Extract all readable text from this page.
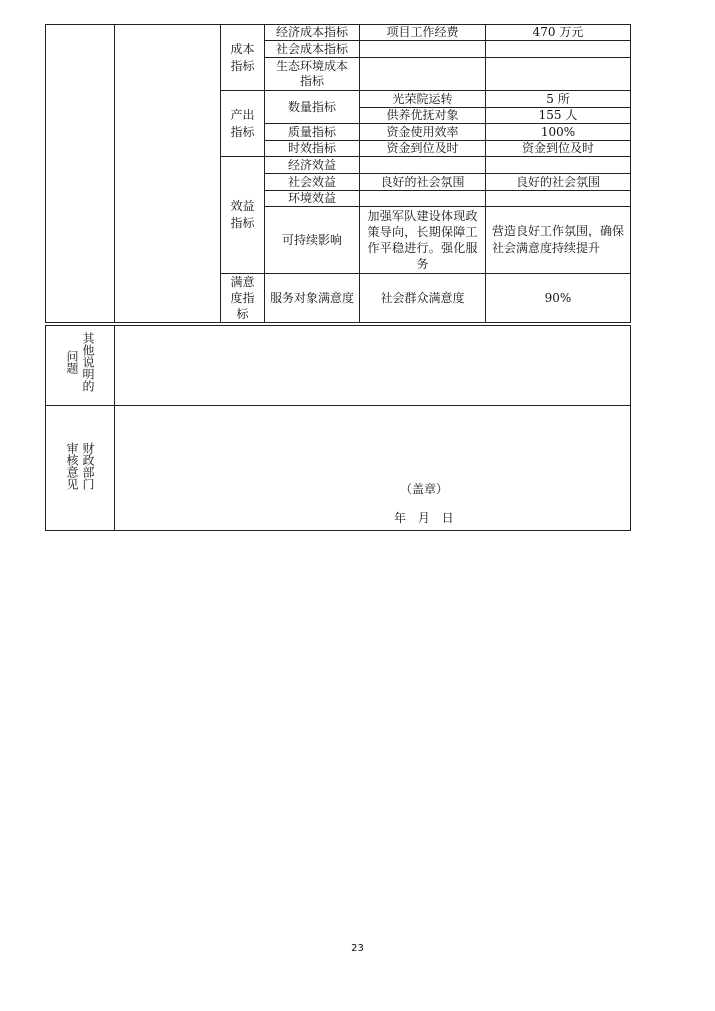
		成本指标	经济成本指标	项目工作经费	470 万元
			社会成本指标		

			生态环境成本指标		

		产出指标	数量指标	光荣院运转	5 所
				供养优抚对象	155 人
			质量指标	资金使用效率	100%
			时效指标	资金到位及时	资金到位及时

		效益指标	经济效益		
			社会效益	良好的社会氛围	良好的社会氛围
			环境效益		
			可持续影响	加强军队建设体现政策导向，长期保障工作平稳进行。强化服务	营造良好工作氛围，确保社会满意度持续提升

		满意度指标	服务对象满意度	社会群众满意度	90%
问题 其他说明的	

审核意见 财政部门	（盖章）
年 月 日
23
